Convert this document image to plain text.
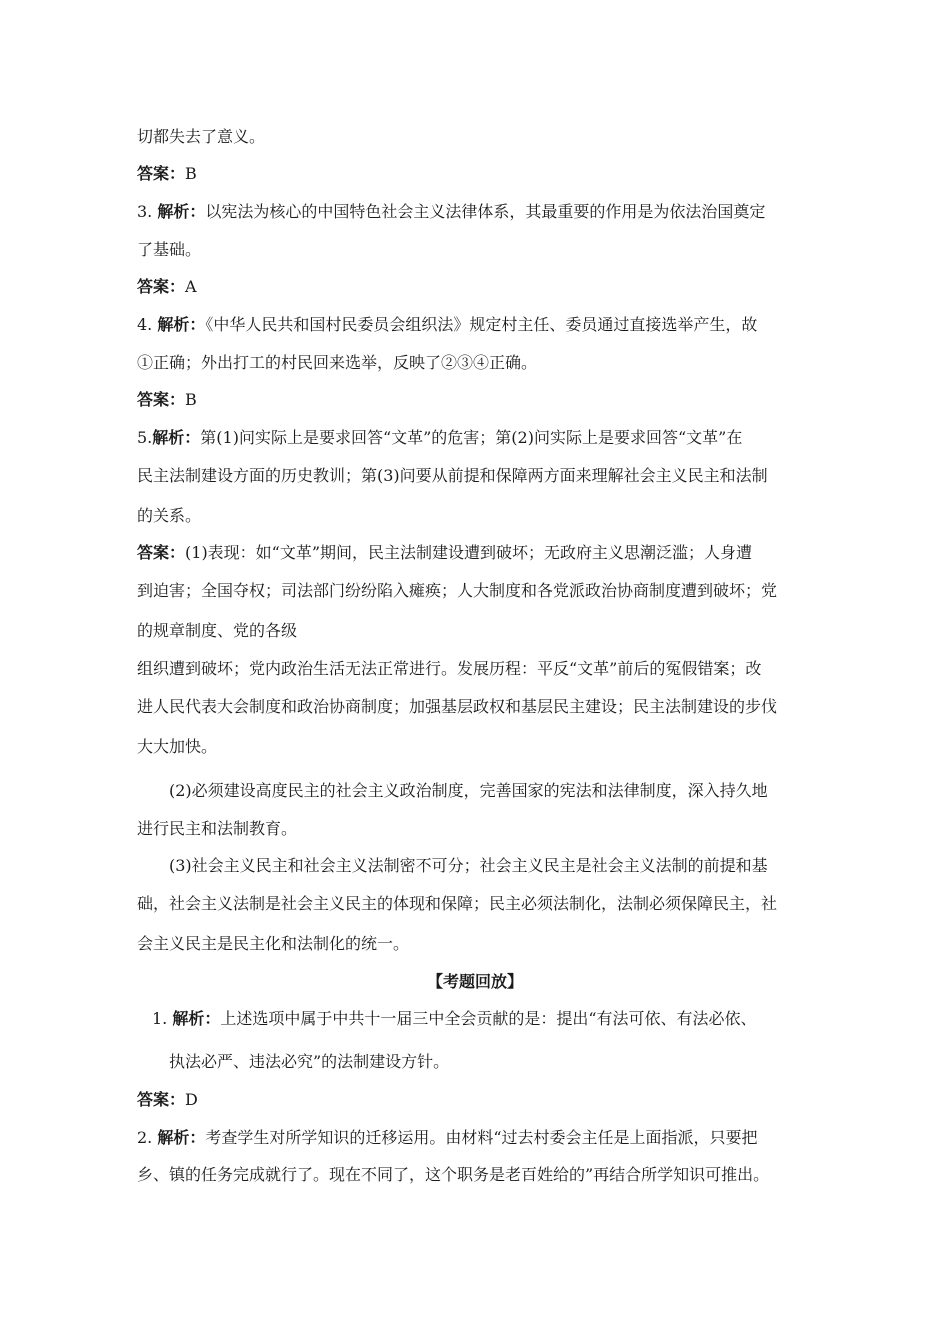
切都失去了意义。
答案：B
3. 解析：以宪法为核心的中国特色社会主义法律体系，其最重要的作用是为依法治国奠定
了基础。
答案：A
4. 解析：《中华人民共和国村民委员会组织法》规定村主任、委员通过直接选举产生，故
①正确；外出打工的村民回来选举，反映了②③④正确。
答案：B
5.解析：第(1)问实际上是要求回答“文革”的危害；第(2)问实际上是要求回答“文革”在
民主法制建设方面的历史教训；第(3)问要从前提和保障两方面来理解社会主义民主和法制
的关系。
答案：(1)表现：如“文革”期间，民主法制建设遭到破坏；无政府主义思潮泛滥；人身遭
到迫害；全国夺权；司法部门纷纷陷入瘫痪；人大制度和各党派政治协商制度遭到破坏；党
的规章制度、党的各级
组织遭到破坏；党内政治生活无法正常进行。发展历程：平反“文革”前后的冤假错案；改
进人民代表大会制度和政治协商制度；加强基层政权和基层民主建设；民主法制建设的步伐
大大加快。
(2)必须建设高度民主的社会主义政治制度，完善国家的宪法和法律制度，深入持久地
进行民主和法制教育。
(3)社会主义民主和社会主义法制密不可分；社会主义民主是社会主义法制的前提和基
础，社会主义法制是社会主义民主的体现和保障；民主必须法制化，法制必须保障民主，社
会主义民主是民主化和法制化的统一。
【考题回放】
1. 解析：上述选项中属于中共十一届三中全会贡献的是：提出“有法可依、有法必依、
执法必严、违法必究”的法制建设方针。
答案：D
2. 解析：考查学生对所学知识的迁移运用。由材料“过去村委会主任是上面指派，只要把
乡、镇的任务完成就行了。现在不同了，这个职务是老百姓给的”再结合所学知识可推出。
